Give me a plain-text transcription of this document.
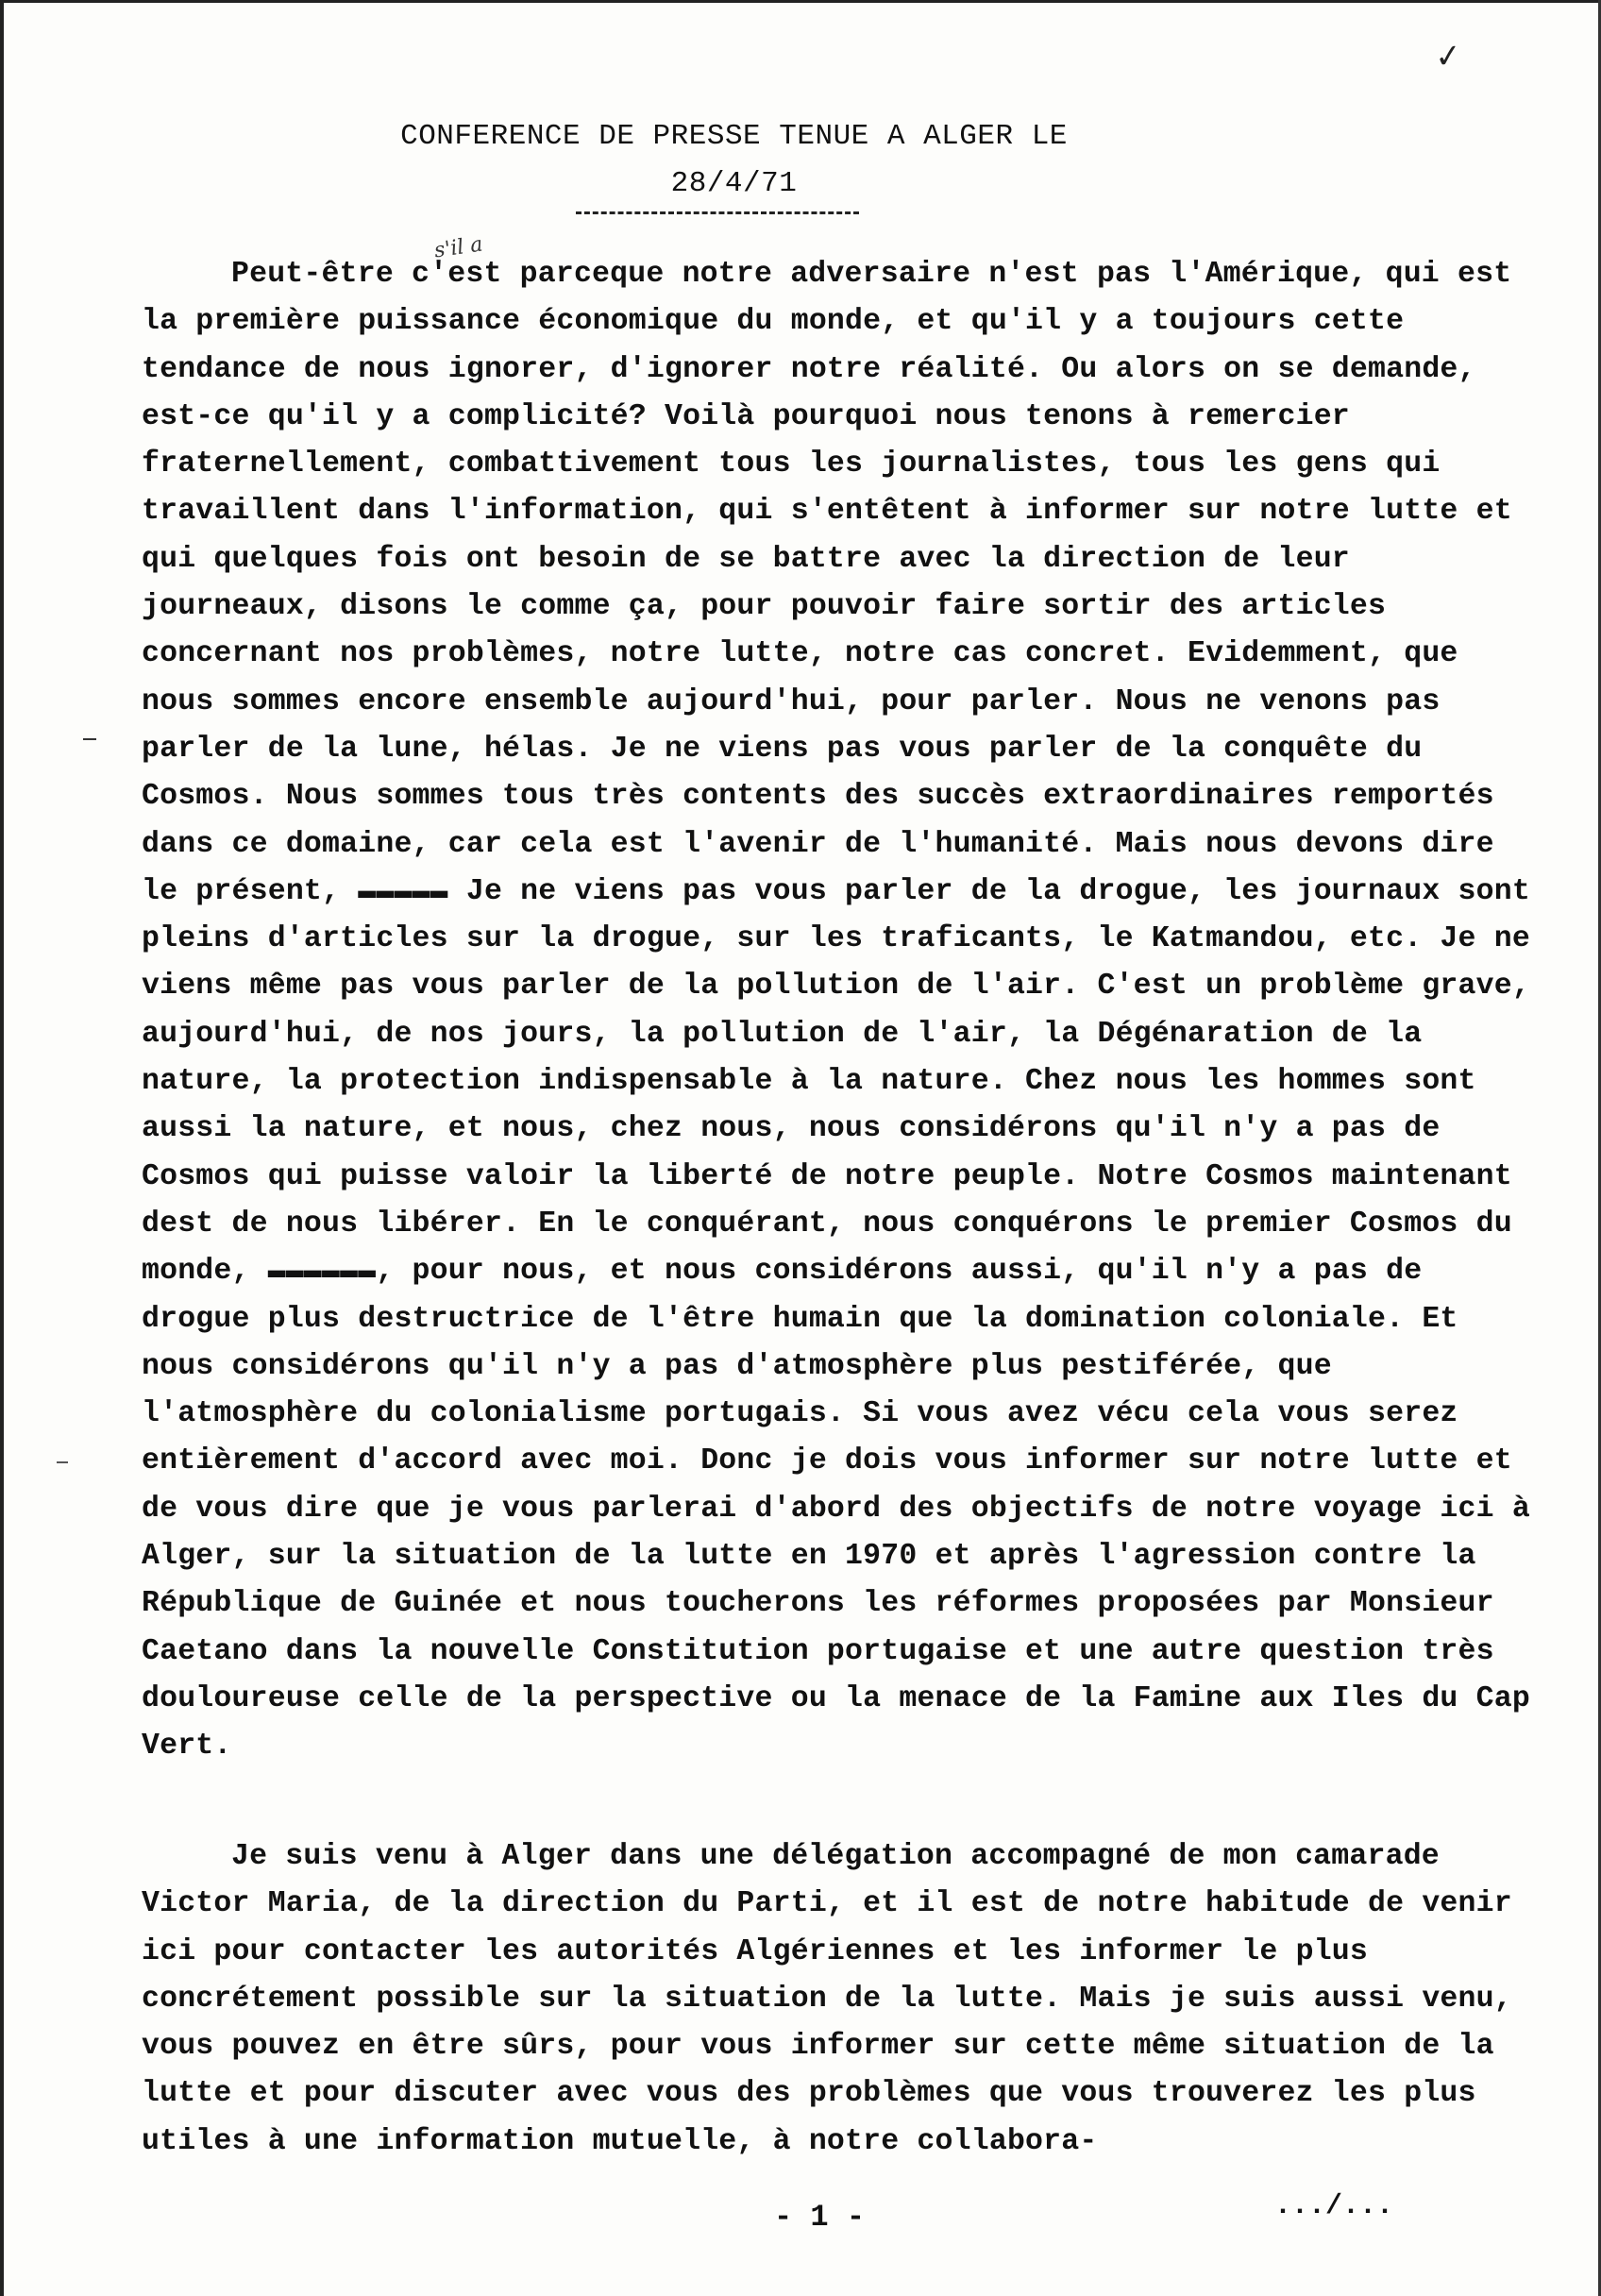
✓
CONFERENCE DE PRESSE TENUE A ALGER LE
28/4/71
s'il a

Peut-être c'est parceque notre adversaire n'est pas l'Amérique, qui est la première puissance économique du monde, et qu'il y a toujours cette tendance de nous ignorer, d'ignorer notre réalité. Ou alors on se demande, est-ce qu'il y a complicité? Voilà pourquoi nous tenons à remercier fraternellement, combattivement tous les journalistes, tous les gens qui travaillent dans l'information, qui s'entêtent à informer sur notre lutte et qui quelques fois ont besoin de se battre avec la direction de leur journeaux, disons le comme ça, pour pouvoir faire sortir des articles concernant nos problèmes, notre lutte, notre cas concret. Evidemment, que nous sommes encore ensemble aujourd'hui, pour parler. Nous ne venons pas parler de la lune, hélas. Je ne viens pas vous parler de la conquête du Cosmos. Nous sommes tous très contents des succès extraordinaires remportés dans ce domaine, car cela est l'avenir de l'humanité. Mais nous devons dire le présent, ▬▬▬▬▬ Je ne viens pas vous parler de la drogue, les journaux sont pleins d'articles sur la drogue, sur les traficants, le Katmandou, etc. Je ne viens même pas vous parler de la pollution de l'air. C'est un problème grave, aujourd'hui, de nos jours, la pollution de l'air, la Dégénaration de la nature, la protection indispensable à la nature. Chez nous les hommes sont aussi la nature, et nous, chez nous, nous considérons qu'il n'y a pas de Cosmos qui puisse valoir la liberté de notre peuple. Notre Cosmos maintenant dest de nous libérer. En le conquérant, nous conquérons le premier Cosmos du monde, ▬▬▬▬▬▬, pour nous, et nous considérons aussi, qu'il n'y a pas de drogue plus destructrice de l'être humain que la domination coloniale. Et nous considérons qu'il n'y a pas d'atmosphère plus pestiférée, que l'atmosphère du colonialisme portugais. Si vous avez vécu cela vous serez entièrement d'accord avec moi. Donc je dois vous informer sur notre lutte et de vous dire que je vous parlerai d'abord des objectifs de notre voyage ici à Alger, sur la situation de la lutte en 1970 et après l'agression contre la République de Guinée et nous toucherons les réformes proposées par Monsieur Caetano dans la nouvelle Constitution portugaise et une autre question très douloureuse celle de la perspective ou la menace de la Famine aux Iles du Cap Vert.

Je suis venu à Alger dans une délégation accompagné de mon camarade Victor Maria, de la direction du Parti, et il est de notre habitude de venir ici pour contacter les autorités Algériennes et les informer le plus concrétement possible sur la situation de la lutte. Mais je suis aussi venu, vous pouvez en être sûrs, pour vous informer sur cette même situation de la lutte et pour discuter avec vous des problèmes que vous trouverez les plus utiles à une information mutuelle, à notre collabora-

- 1 -	.../...
